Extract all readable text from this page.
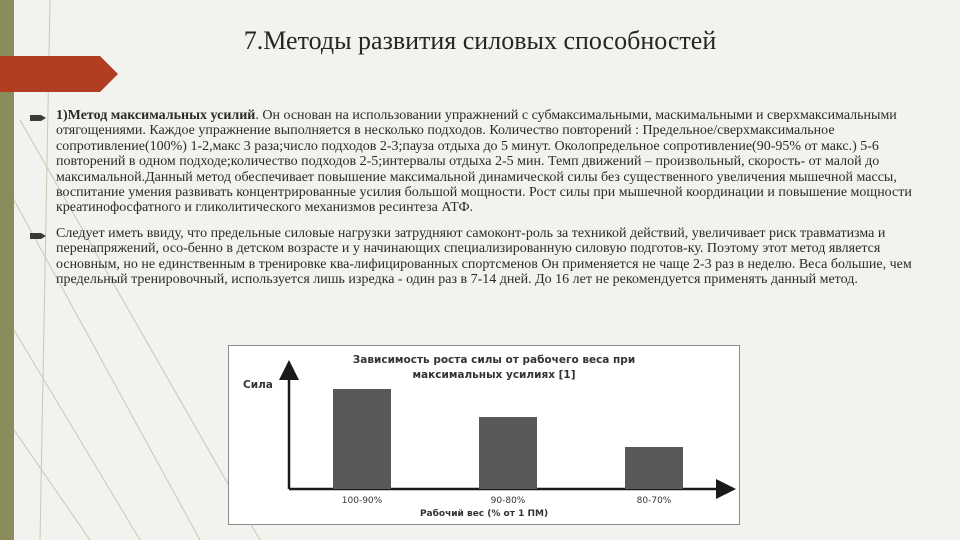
7.Методы развития силовых способностей
1)Метод максимальных усилий. Он основан на использовании упражнений с субмаксимальными, маскимальными и сверхмаксимальными отягощениями. Каждое упражнение выполняется в несколько подходов. Количество повторений : Предельное/сверхмаксимальное сопротивление(100%) 1-2,макс 3 раза;число подходов 2-3;пауза отдыха до 5 минут. Околопредельное сопротивление(90-95% от макс.) 5-6 повторений в одном подходе;количество подходов 2-5;интервалы отдыха 2-5 мин. Темп движений – произвольный, скорость- от малой до максимальной.Данный метод обеспечивает повышение максимальной динамической силы без существенного увеличения мышечной массы, воспитание умения развивать концентрированные усилия большой мощности. Рост силы при мышечной координации и повышение мощности креатинофосфатного и гликолитического механизмов ресинтеза АТФ.
Следует иметь ввиду, что предельные силовые нагрузки затрудняют самоконт-роль за техникой действий, увеличивает риск травматизма и перенапряжений, осо-бенно в детском возрасте и у начинающих специализированную силовую подготов-ку. Поэтому этот метод является основным, но не единственным в тренировке ква-лифицированных спортсменов Он применяется не чаще 2-3 раз в неделю. Веса большие, чем предельный тренировочный, используется лишь изредка - один раз в 7-14 дней. До 16 лет не рекомендуется применять данный метод.
Зависимость роста силы от рабочего веса при
максимальных усилиях [1]
Сила
100-90%	90-80%	80-70%
Рабочий вес (% от 1 ПМ)
